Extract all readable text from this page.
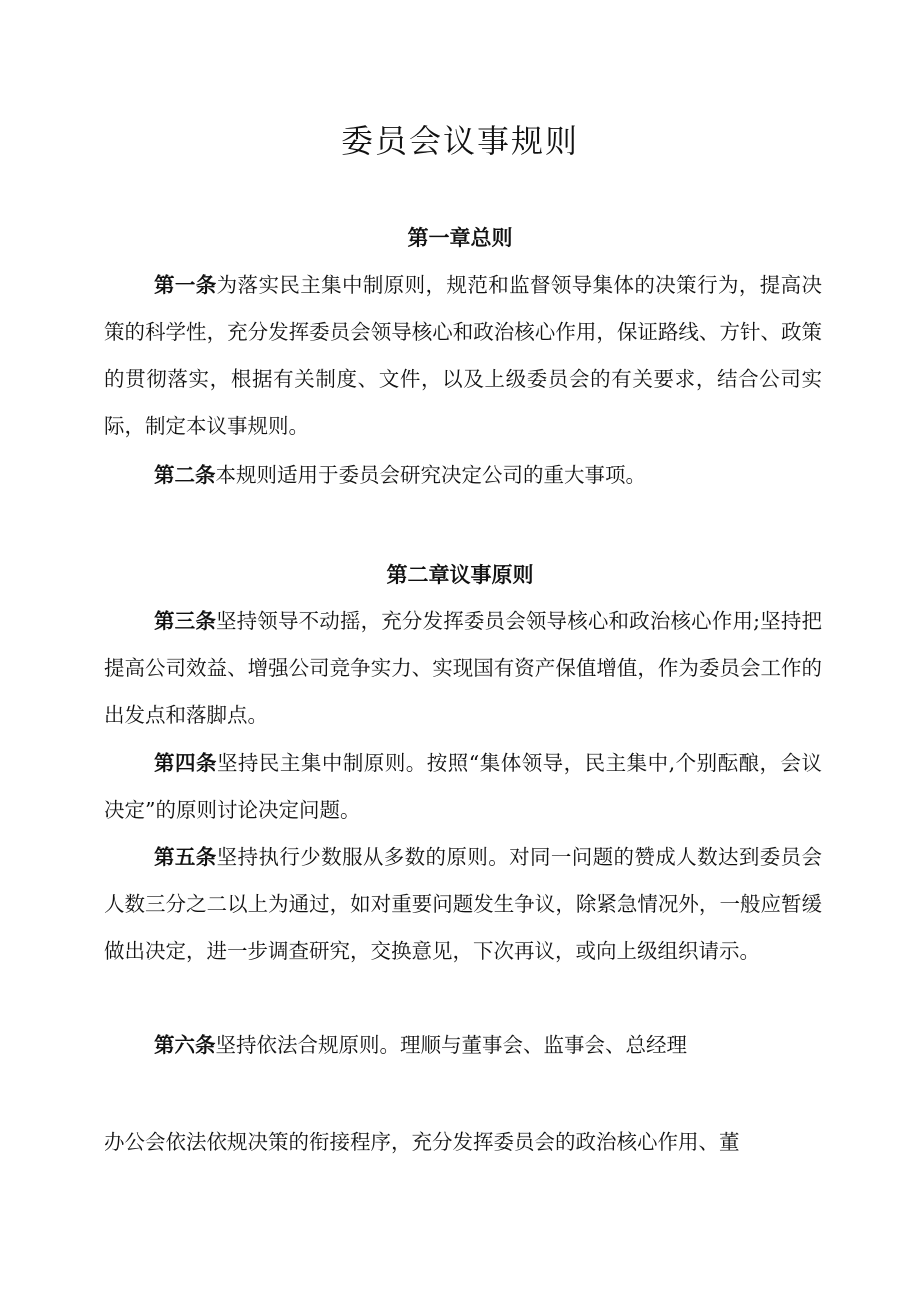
委员会议事规则
第一章总则

第一条为落实民主集中制原则，规范和监督领导集体的决策行为，提高决策的科学性，充分发挥委员会领导核心和政治核心作用，保证路线、方针、政策的贯彻落实，根据有关制度、文件，以及上级委员会的有关要求，结合公司实际，制定本议事规则。

第二条本规则适用于委员会研究决定公司的重大事项。

第二章议事原则

第三条坚持领导不动摇，充分发挥委员会领导核心和政治核心作用;坚持把提高公司效益、增强公司竞争实力、实现国有资产保值增值，作为委员会工作的出发点和落脚点。

第四条坚持民主集中制原则。按照“集体领导，民主集中,个别酝酿，会议决定”的原则讨论决定问题。

第五条坚持执行少数服从多数的原则。对同一问题的赞成人数达到委员会人数三分之二以上为通过，如对重要问题发生争议，除紧急情况外，一般应暂缓做出决定，进一步调查研究，交换意见，下次再议，或向上级组织请示。

第六条坚持依法合规原则。理顺与董事会、监事会、总经理

办公会依法依规决策的衔接程序，充分发挥委员会的政治核心作用、董
